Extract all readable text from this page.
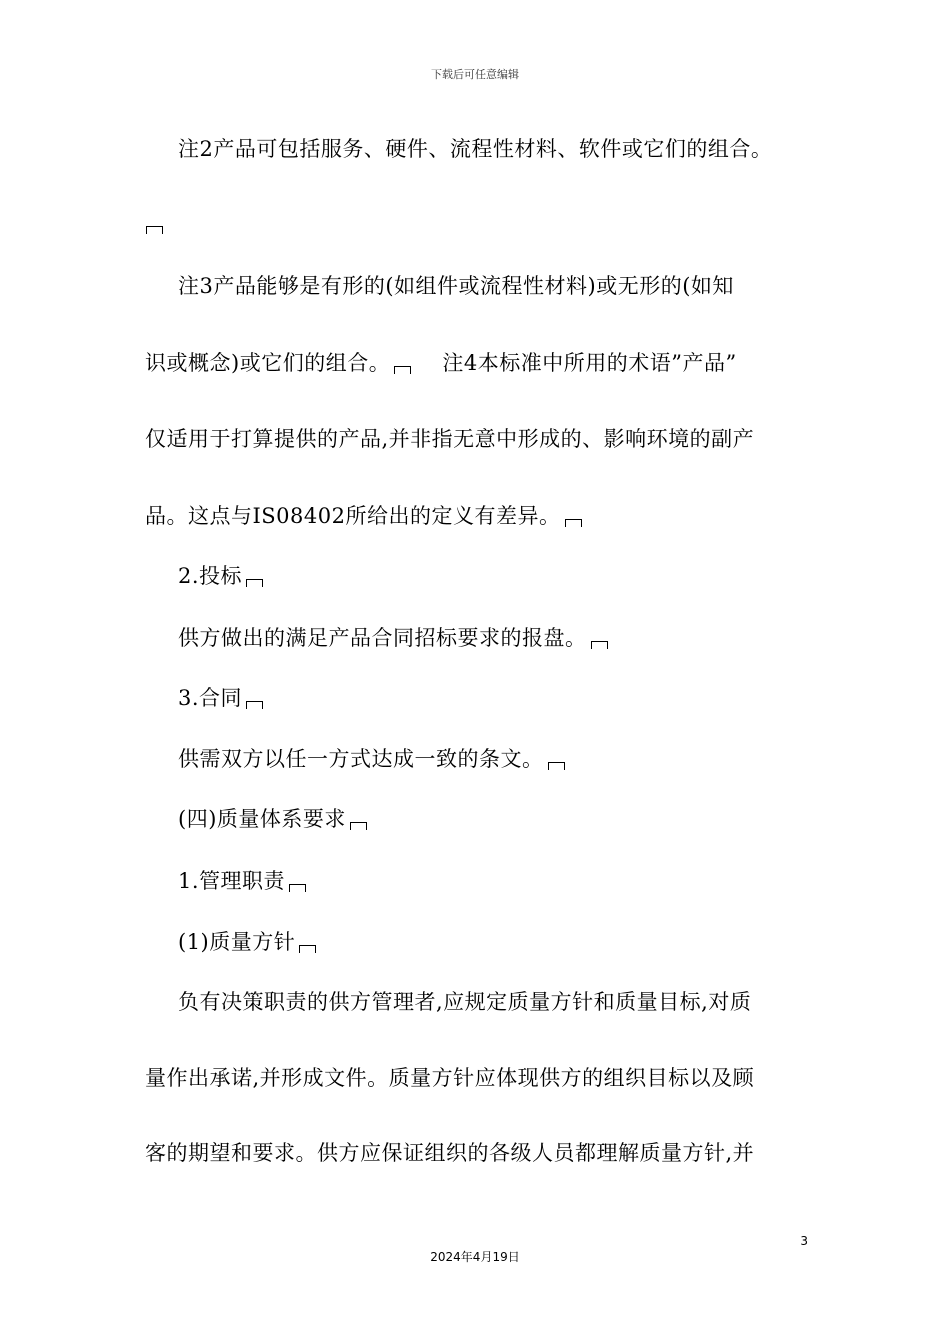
下载后可任意编辑
注2产品可包括服务、硬件、流程性材料、软件或它们的组合。
注3产品能够是有形的(如组件或流程性材料)或无形的(如知
识或概念)或它们的组合。 注4本标准中所用的术语”产品”
仅适用于打算提供的产品,并非指无意中形成的、影响环境的副产
品。这点与IS08402所给出的定义有差异。
2.投标
供方做出的满足产品合同招标要求的报盘。
3.合同
供需双方以任一方式达成一致的条文。
(四)质量体系要求
1.管理职责
(1)质量方针
负有决策职责的供方管理者,应规定质量方针和质量目标,对质
量作出承诺,并形成文件。质量方针应体现供方的组织目标以及顾
客的期望和要求。供方应保证组织的各级人员都理解质量方针,并
3
2024年4月19日
